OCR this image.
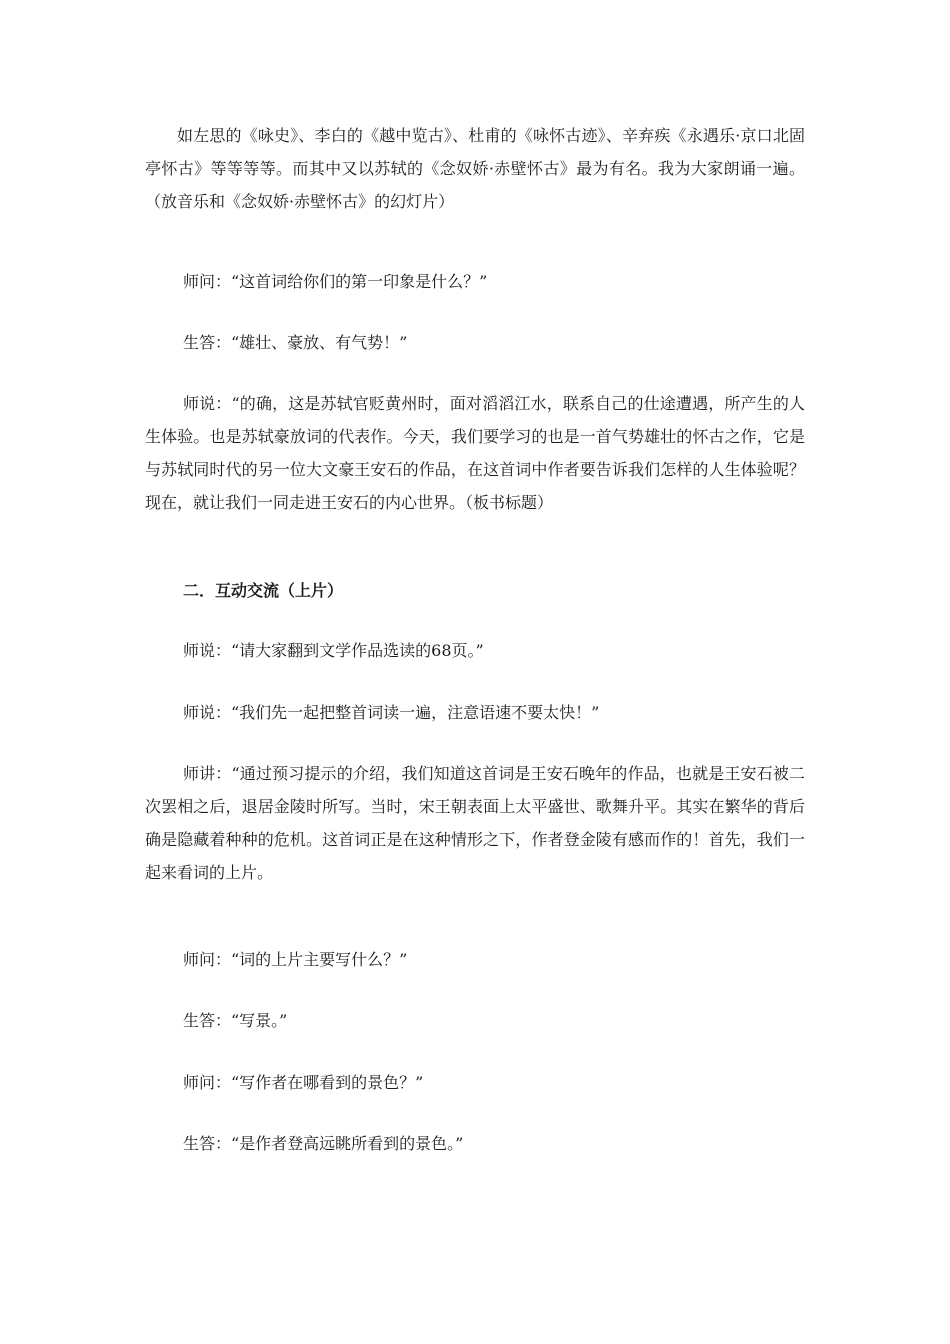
如左思的《咏史》、李白的《越中览古》、杜甫的《咏怀古迹》、辛弃疾《永遇乐·京口北固亭怀古》等等等等。而其中又以苏轼的《念奴娇·赤壁怀古》最为有名。我为大家朗诵一遍。（放音乐和《念奴娇·赤壁怀古》的幻灯片）

师问：“这首词给你们的第一印象是什么？”

生答：“雄壮、豪放、有气势！”

师说：“的确，这是苏轼官贬黄州时，面对滔滔江水，联系自己的仕途遭遇，所产生的人生体验。也是苏轼豪放词的代表作。今天，我们要学习的也是一首气势雄壮的怀古之作，它是与苏轼同时代的另一位大文豪王安石的作品，在这首词中作者要告诉我们怎样的人生体验呢？现在，就让我们一同走进王安石的内心世界。（板书标题）

二．互动交流（上片）

师说：“请大家翻到文学作品选读的68页。”

师说：“我们先一起把整首词读一遍，注意语速不要太快！”

师讲：“通过预习提示的介绍，我们知道这首词是王安石晚年的作品，也就是王安石被二次罢相之后，退居金陵时所写。当时，宋王朝表面上太平盛世、歌舞升平。其实在繁华的背后确是隐藏着种种的危机。这首词正是在这种情形之下，作者登金陵有感而作的！首先，我们一起来看词的上片。

师问：“词的上片主要写什么？”

生答：“写景。”

师问：“写作者在哪看到的景色？”

生答：“是作者登高远眺所看到的景色。”
